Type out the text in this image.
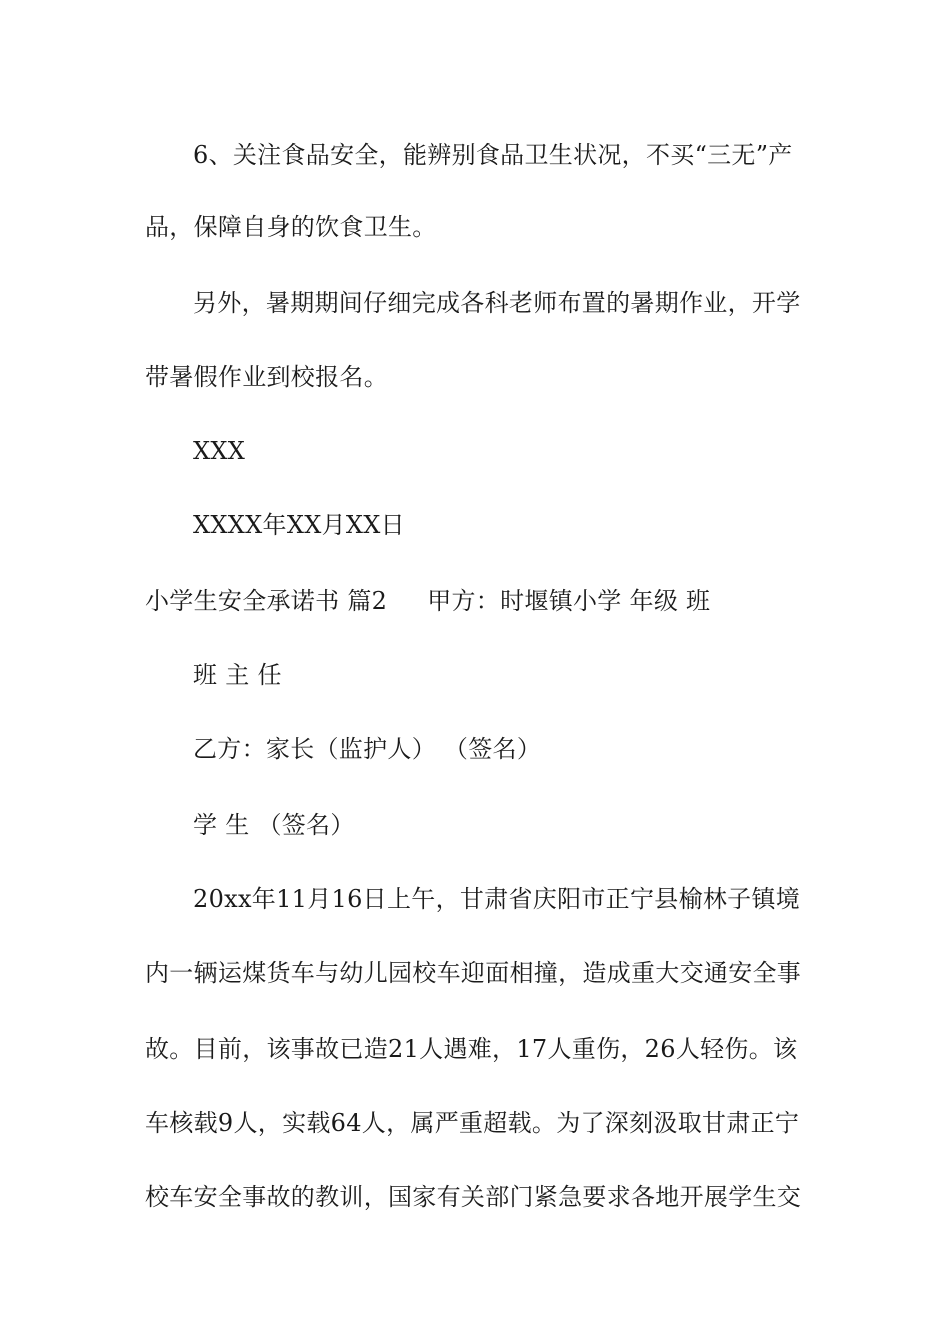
6、关注食品安全，能辨别食品卫生状况，不买“三无”产
品，保障自身的饮食卫生。
另外，暑期期间仔细完成各科老师布置的暑期作业，开学
带暑假作业到校报名。
XXX
XXXX年XX月XX日
小学生安全承诺书 篇2 甲方：时堰镇小学 年级 班
班 主 任
乙方：家长（监护人） （签名）
学 生 （签名）
20xx年11月16日上午，甘肃省庆阳市正宁县榆林子镇境
内一辆运煤货车与幼儿园校车迎面相撞，造成重大交通安全事
故。目前，该事故已造21人遇难，17人重伤，26人轻伤。该
车核载9人，实载64人，属严重超载。为了深刻汲取甘肃正宁
校车安全事故的教训，国家有关部门紧急要求各地开展学生交
